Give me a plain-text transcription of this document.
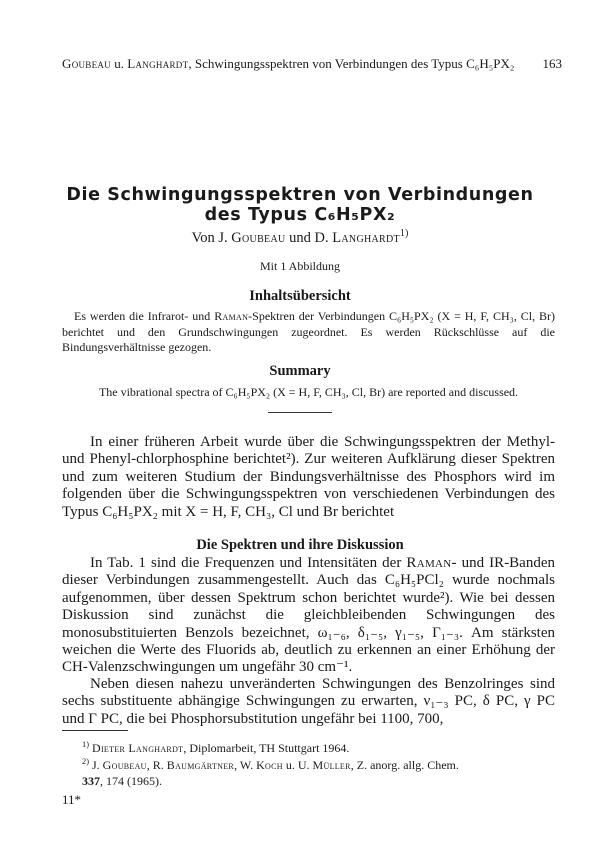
Goubeau u. Langhardt, Schwingungsspektren von Verbindungen des Typus C₆H₅PX₂ 163
Die Schwingungsspektren von Verbindungen
des Typus C₆H₅PX₂
Von J. Goubeau und D. Langhardt$^{1)}$
Mit 1 Abbildung
Inhaltsübersicht
 Es werden die Infrarot- und Raman-Spektren der Verbindungen C₆H₅PX₂ (X = H, F, CH₃, Cl, Br) berichtet und den Grundschwingungen zugeordnet. Es werden Rückschlüsse auf die Bindungsverhältnisse gezogen.
Summary
The vibrational spectra of C₆H₅PX₂ (X = H, F, CH₃, Cl, Br) are reported and discussed.
In einer früheren Arbeit wurde über die Schwingungsspektren der Methyl- und Phenyl-chlorphosphine berichtet²). Zur weiteren Aufklärung dieser Spektren und zum weiteren Studium der Bindungsverhältnisse des Phosphors wird im folgenden über die Schwingungsspektren von verschiedenen Verbindungen des Typus C₆H₅PX₂ mit X = H, F, CH₃, Cl und Br berichtet
Die Spektren und ihre Diskussion
In Tab. 1 sind die Frequenzen und Intensitäten der Raman- und IR-Banden dieser Verbindungen zusammengestellt. Auch das C₆H₅PCl₂ wurde nochmals aufgenommen, über dessen Spektrum schon berichtet wurde²). Wie bei dessen Diskussion sind zunächst die gleichbleibenden Schwingungen des monosubstituierten Benzols bezeichnet, ω₁₋₆, δ₁₋₅, γ₁₋₅, Γ₁₋₃. Am stärksten weichen die Werte des Fluorids ab, deutlich zu erkennen an einer Erhöhung der CH-Valenzschwingungen um ungefähr 30 cm⁻¹.
Neben diesen nahezu unveränderten Schwingungen des Benzolringes sind sechs substituente abhängige Schwingungen zu erwarten, ν₁₋₃ PC, δ PC, γ PC und Γ PC, die bei Phosphorsubstitution ungefähr bei 1100, 700,
$^{1)}$ Dieter Langhardt, Diplomarbeit, TH Stuttgart 1964.
$^{2)}$ J. Goubeau, R. Baumgärtner, W. Koch u. U. Müller, Z. anorg. allg. Chem.
337, 174 (1965).
11*
